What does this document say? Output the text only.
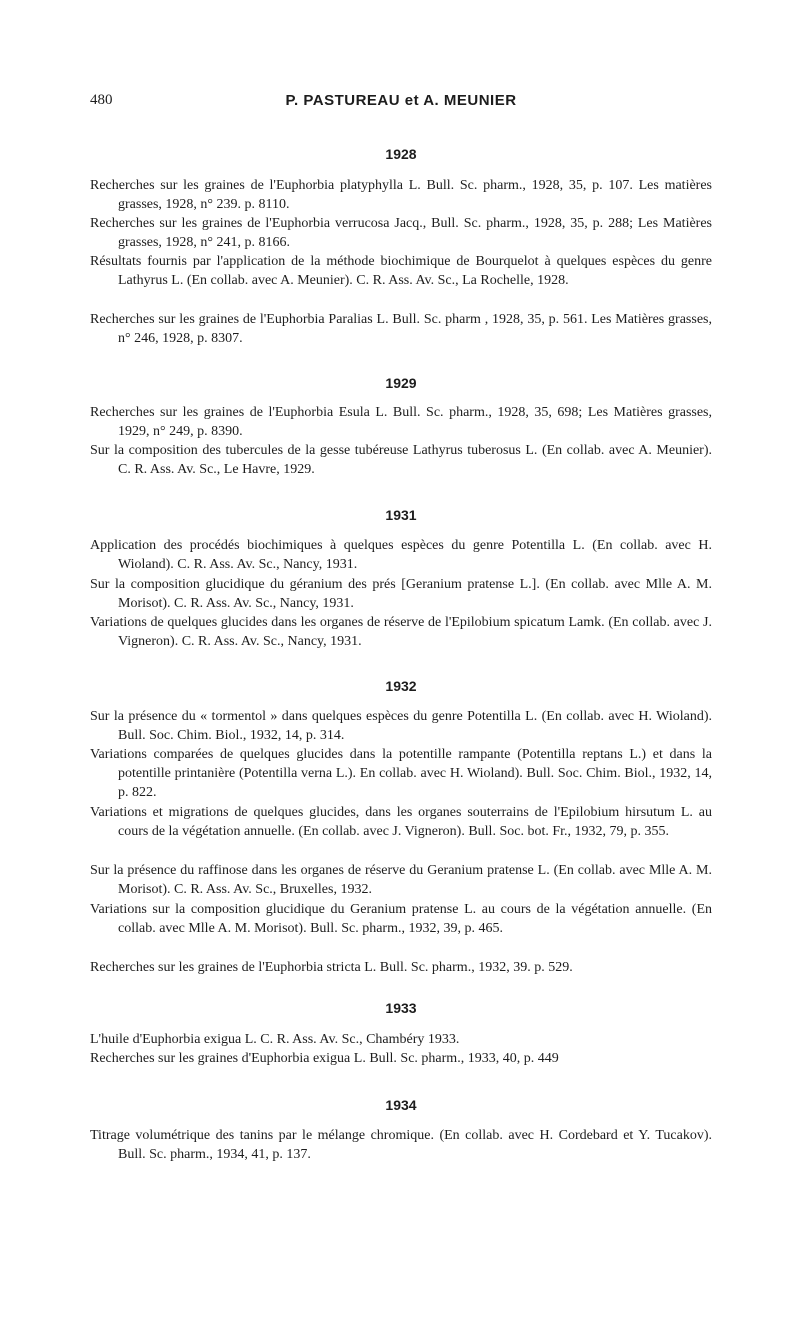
480	P. PASTUREAU et A. MEUNIER
1928
Recherches sur les graines de l'Euphorbia platyphylla L. Bull. Sc. pharm., 1928, 35, p. 107. Les matières grasses, 1928, n° 239. p. 8110.
Recherches sur les graines de l'Euphorbia verrucosa Jacq., Bull. Sc. pharm., 1928, 35, p. 288; Les Matières grasses, 1928, n° 241, p. 8166.
Résultats fournis par l'application de la méthode biochimique de Bourquelot à quelques espèces du genre Lathyrus L. (En collab. avec A. Meunier). C. R. Ass. Av. Sc., La Rochelle, 1928.
Recherches sur les graines de l'Euphorbia Paralias L. Bull. Sc. pharm , 1928, 35, p. 561. Les Matières grasses, n° 246, 1928, p. 8307.
1929
Recherches sur les graines de l'Euphorbia Esula L. Bull. Sc. pharm., 1928, 35, 698; Les Matières grasses, 1929, n° 249, p. 8390.
Sur la composition des tubercules de la gesse tubéreuse Lathyrus tuberosus L. (En collab. avec A. Meunier). C. R. Ass. Av. Sc., Le Havre, 1929.
1931
Application des procédés biochimiques à quelques espèces du genre Potentilla L. (En collab. avec H. Wioland). C. R. Ass. Av. Sc., Nancy, 1931.
Sur la composition glucidique du géranium des prés [Geranium pratense L.]. (En collab. avec Mlle A. M. Morisot). C. R. Ass. Av. Sc., Nancy, 1931.
Variations de quelques glucides dans les organes de réserve de l'Epilobium spicatum Lamk. (En collab. avec J. Vigneron). C. R. Ass. Av. Sc., Nancy, 1931.
1932
Sur la présence du « tormentol » dans quelques espèces du genre Potentilla L. (En collab. avec H. Wioland). Bull. Soc. Chim. Biol., 1932, 14, p. 314.
Variations comparées de quelques glucides dans la potentille rampante (Potentilla reptans L.) et dans la potentille printanière (Potentilla verna L.). En collab. avec H. Wioland). Bull. Soc. Chim. Biol., 1932, 14, p. 822.
Variations et migrations de quelques glucides, dans les organes souterrains de l'Epilobium hirsutum L. au cours de la végétation annuelle. (En collab. avec J. Vigneron). Bull. Soc. bot. Fr., 1932, 79, p. 355.
Sur la présence du raffinose dans les organes de réserve du Geranium pratense L. (En collab. avec Mlle A. M. Morisot). C. R. Ass. Av. Sc., Bruxelles, 1932.
Variations sur la composition glucidique du Geranium pratense L. au cours de la végétation annuelle. (En collab. avec Mlle A. M. Morisot). Bull. Sc. pharm., 1932, 39, p. 465.
Recherches sur les graines de l'Euphorbia stricta L. Bull. Sc. pharm., 1932, 39. p. 529.
1933
L'huile d'Euphorbia exigua L. C. R. Ass. Av. Sc., Chambéry 1933.
Recherches sur les graines d'Euphorbia exigua L. Bull. Sc. pharm., 1933, 40, p. 449
1934
Titrage volumétrique des tanins par le mélange chromique. (En collab. avec H. Cordebard et Y. Tucakov). Bull. Sc. pharm., 1934, 41, p. 137.
